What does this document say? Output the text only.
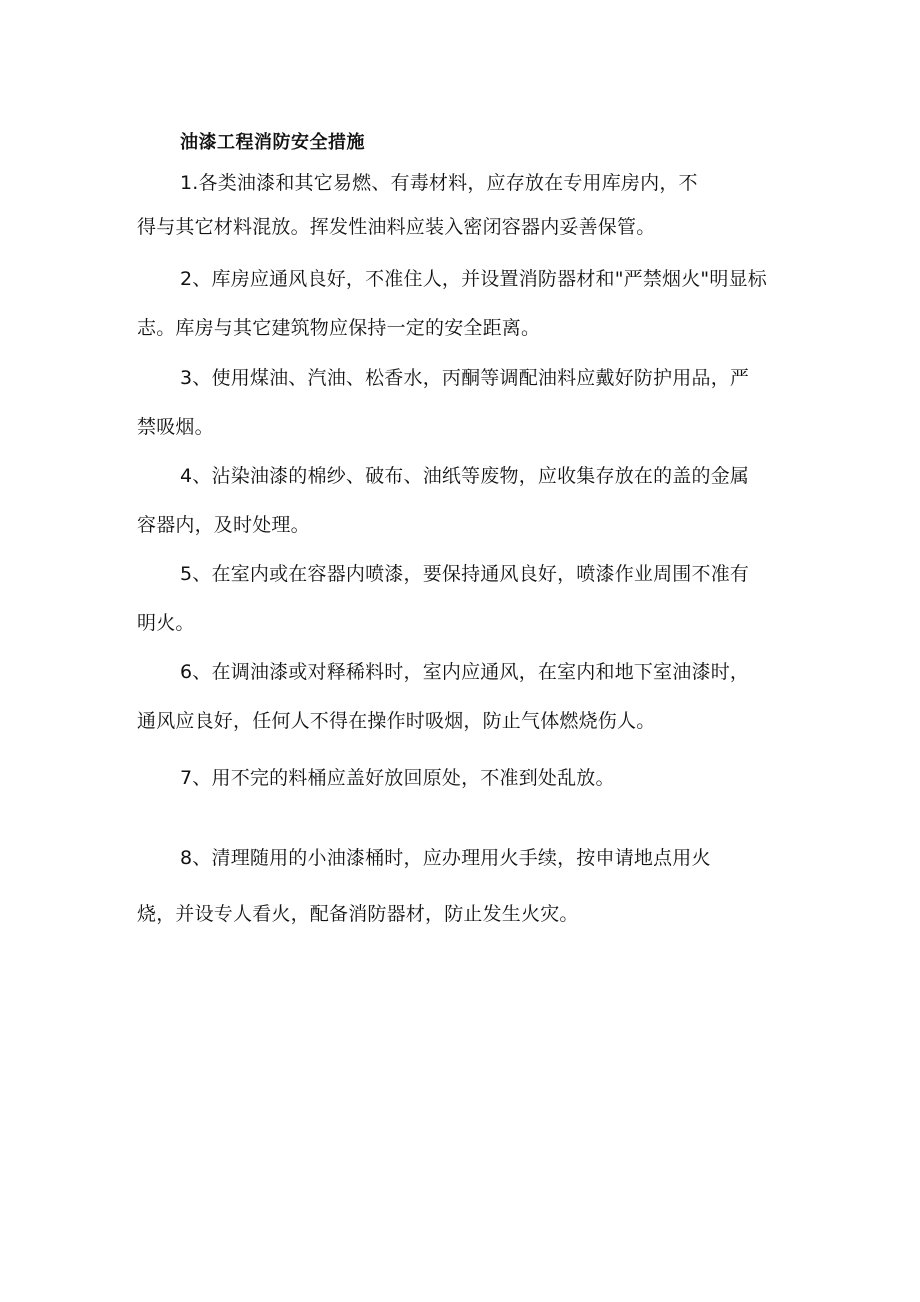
油漆工程消防安全措施
1.各类油漆和其它易燃、有毒材料，应存放在专用库房内，不
得与其它材料混放。挥发性油料应装入密闭容器内妥善保管。
2、库房应通风良好，不准住人，并设置消防器材和"严禁烟火"明显标
志。库房与其它建筑物应保持一定的安全距离。
3、使用煤油、汽油、松香水，丙酮等调配油料应戴好防护用品，严
禁吸烟。
4、沾染油漆的棉纱、破布、油纸等废物，应收集存放在的盖的金属
容器内，及时处理。
5、在室内或在容器内喷漆，要保持通风良好，喷漆作业周围不准有
明火。
6、在调油漆或对释稀料时，室内应通风，在室内和地下室油漆时，
通风应良好，任何人不得在操作时吸烟，防止气体燃烧伤人。
7、用不完的料桶应盖好放回原处，不准到处乱放。
8、清理随用的小油漆桶时，应办理用火手续，按申请地点用火
烧，并设专人看火，配备消防器材，防止发生火灾。
